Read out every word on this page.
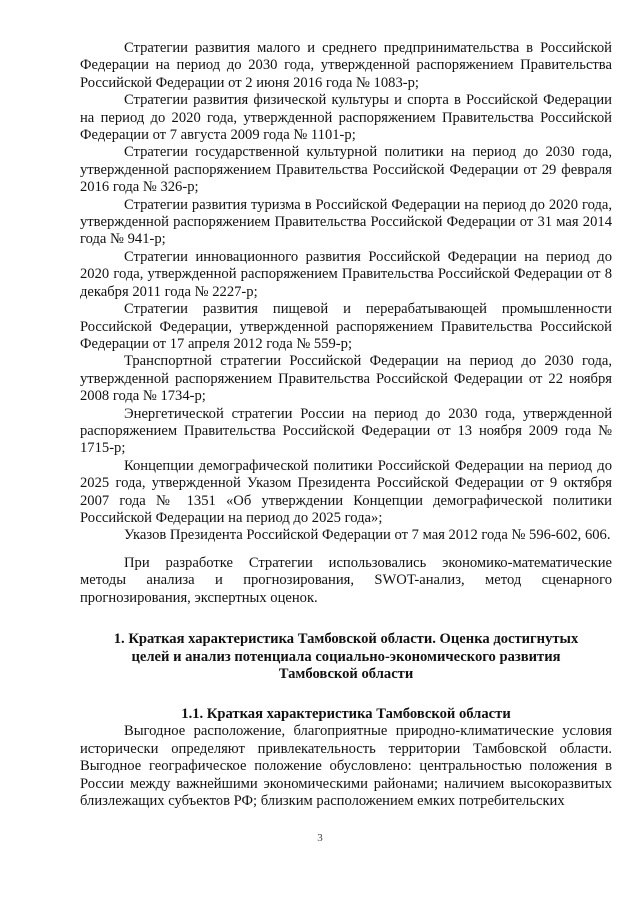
Стратегии развития малого и среднего предпринимательства в Российской Федерации на период до 2030 года, утвержденной распоряжением Правительства Российской Федерации от 2 июня 2016 года № 1083-р;

Стратегии развития физической культуры и спорта в Российской Федерации на период до 2020 года, утвержденной распоряжением Правительства Российской Федерации от 7 августа 2009 года № 1101-р;

Стратегии государственной культурной политики на период до 2030 года, утвержденной распоряжением Правительства Российской Федерации от 29 февраля 2016 года № 326-р;

Стратегии развития туризма в Российской Федерации на период до 2020 года, утвержденной распоряжением Правительства Российской Федерации от 31 мая 2014 года № 941-р;

Стратегии инновационного развития Российской Федерации на период до 2020 года, утвержденной распоряжением Правительства Российской Федерации от 8 декабря 2011 года № 2227-р;

Стратегии развития пищевой и перерабатывающей промышленности Российской Федерации, утвержденной распоряжением Правительства Российской Федерации от 17 апреля 2012 года № 559-р;

Транспортной стратегии Российской Федерации на период до 2030 года, утвержденной распоряжением Правительства Российской Федерации от 22 ноября 2008 года № 1734-р;

Энергетической стратегии России на период до 2030 года, утвержденной распоряжением Правительства Российской Федерации от 13 ноября 2009 года № 1715-р;

Концепции демографической политики Российской Федерации на период до 2025 года, утвержденной Указом Президента Российской Федерации от 9 октября 2007 года № 1351 «Об утверждении Концепции демографической политики Российской Федерации на период до 2025 года»;

Указов Президента Российской Федерации от 7 мая 2012 года № 596-602, 606.

При разработке Стратегии использовались экономико-математические методы анализа и прогнозирования, SWOT-анализ, метод сценарного прогнозирования, экспертных оценок.

1. Краткая характеристика Тамбовской области. Оценка достигнутых
целей и анализ потенциала социально-экономического развития
Тамбовской области
1.1. Краткая характеристика Тамбовской области

Выгодное расположение, благоприятные природно-климатические условия исторически определяют привлекательность территории Тамбовской области. Выгодное географическое положение обусловлено: центральностью положения в России между важнейшими экономическими районами; наличием высокоразвитых близлежащих субъектов РФ; близким расположением емких потребительских

3
